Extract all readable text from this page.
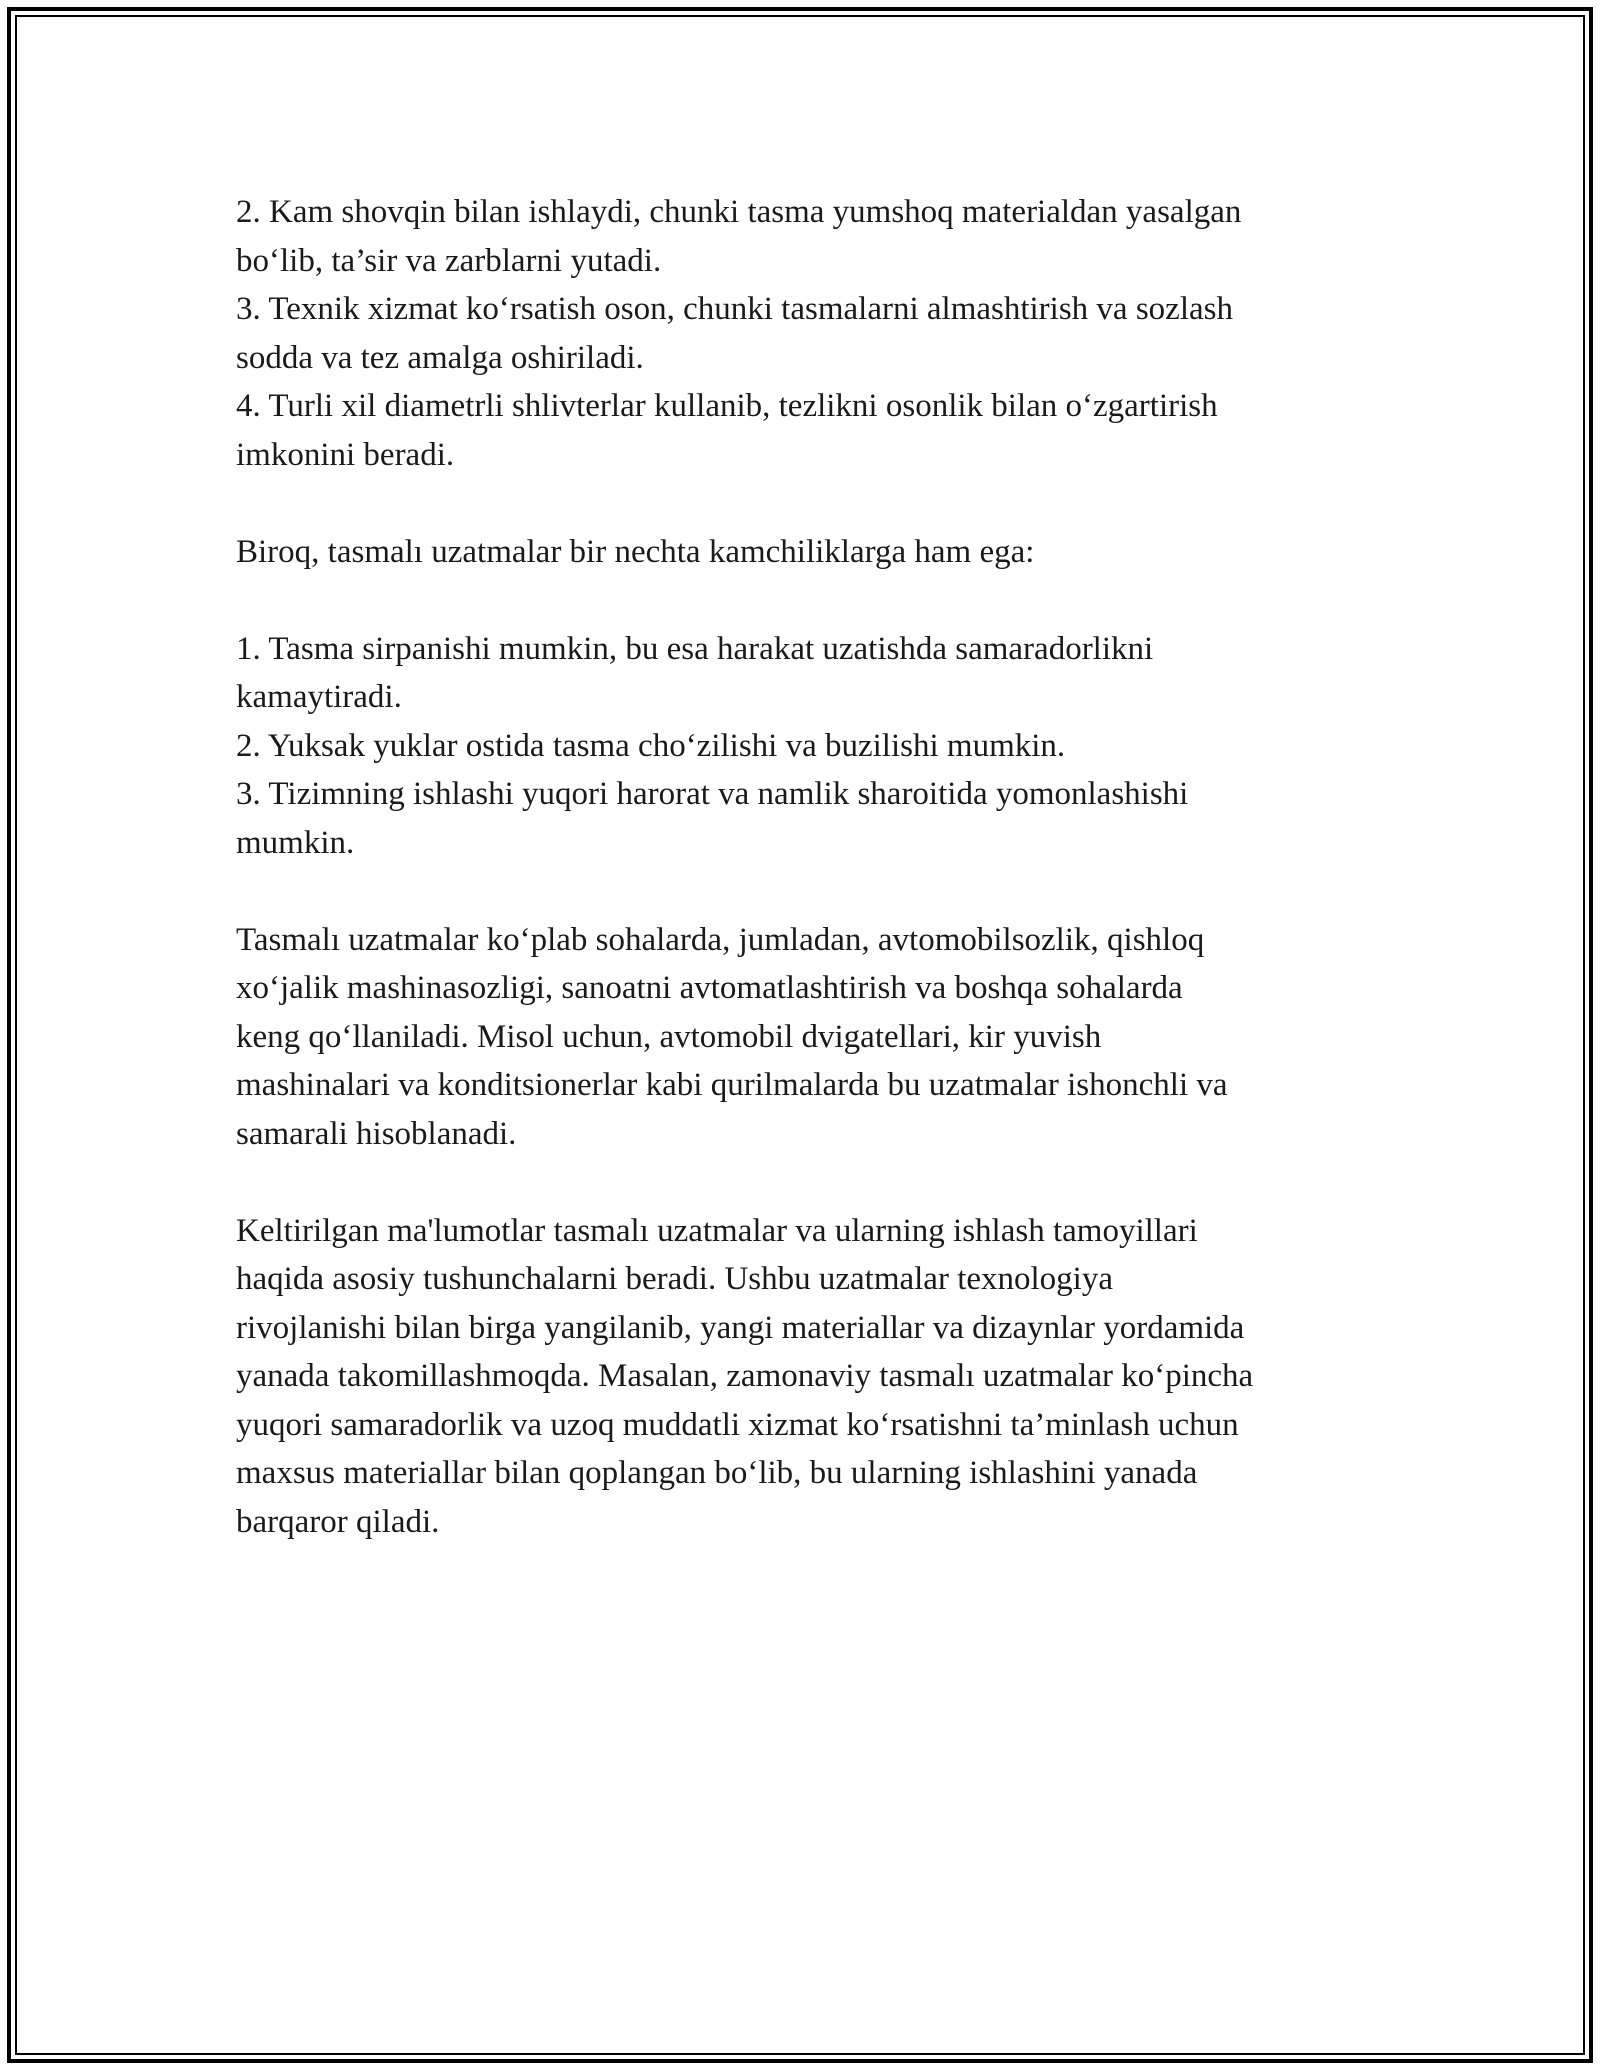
2. Kam shovqin bilan ishlaydi, chunki tasma yumshoq materialdan yasalgan
bo‘lib, ta’sir va zarblarni yutadi.
3. Texnik xizmat ko‘rsatish oson, chunki tasmalarni almashtirish va sozlash
sodda va tez amalga oshiriladi.
4. Turli xil diametrli shlivterlar kullanib, tezlikni osonlik bilan o‘zgartirish
imkonini beradi.
Biroq, tasmalı uzatmalar bir nechta kamchiliklarga ham ega:
1. Tasma sirpanishi mumkin, bu esa harakat uzatishda samaradorlikni
kamaytiradi.
2. Yuksak yuklar ostida tasma cho‘zilishi va buzilishi mumkin.
3. Tizimning ishlashi yuqori harorat va namlik sharoitida yomonlashishi
mumkin.
Tasmalı uzatmalar ko‘plab sohalarda, jumladan, avtomobilsozlik, qishloq
xo‘jalik mashinasozligi, sanoatni avtomatlashtirish va boshqa sohalarda
keng qo‘llaniladi. Misol uchun, avtomobil dvigatellari, kir yuvish
mashinalari va konditsionerlar kabi qurilmalarda bu uzatmalar ishonchli va
samarali hisoblanadi.
Keltirilgan ma'lumotlar tasmalı uzatmalar va ularning ishlash tamoyillari
haqida asosiy tushunchalarni beradi. Ushbu uzatmalar texnologiya
rivojlanishi bilan birga yangilanib, yangi materiallar va dizaynlar yordamida
yanada takomillashmoqda. Masalan, zamonaviy tasmalı uzatmalar ko‘pincha
yuqori samaradorlik va uzoq muddatli xizmat ko‘rsatishni ta’minlash uchun
maxsus materiallar bilan qoplangan bo‘lib, bu ularning ishlashini yanada
barqaror qiladi.
